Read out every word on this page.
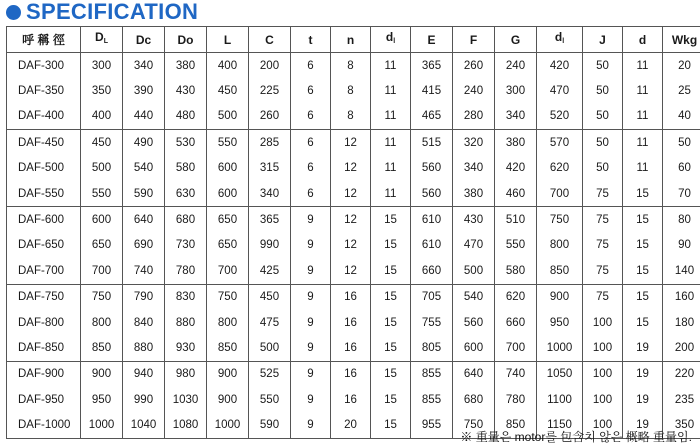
SPECIFICATION
呼 稱 徑	$D_L$	Dc	Do	L	C	t	n	$d_l$	E	F	G	$d_l$	J	d	Wkg
DAF-300	300	340	380	400	200	6	8	11	365	260	240	420	50	11	20
DAF-350	350	390	430	450	225	6	8	11	415	240	300	470	50	11	25
DAF-400	400	440	480	500	260	6	8	11	465	280	340	520	50	11	40
DAF-450	450	490	530	550	285	6	12	11	515	320	380	570	50	11	50
DAF-500	500	540	580	600	315	6	12	11	560	340	420	620	50	11	60
DAF-550	550	590	630	600	340	6	12	11	560	380	460	700	75	15	70
DAF-600	600	640	680	650	365	9	12	15	610	430	510	750	75	15	80
DAF-650	650	690	730	650	990	9	12	15	610	470	550	800	75	15	90
DAF-700	700	740	780	700	425	9	12	15	660	500	580	850	75	15	140
DAF-750	750	790	830	750	450	9	16	15	705	540	620	900	75	15	160
DAF-800	800	840	880	800	475	9	16	15	755	560	660	950	100	15	180
DAF-850	850	880	930	850	500	9	16	15	805	600	700	1000	100	19	200
DAF-900	900	940	980	900	525	9	16	15	855	640	740	1050	100	19	220
DAF-950	950	990	1030	900	550	9	16	15	855	680	780	1100	100	19	235
DAF-1000	1000	1040	1080	1000	590	9	20	15	955	750	850	1150	100	19	350
※ 重量은 motor를 包含치 않은 概略 重量임.
